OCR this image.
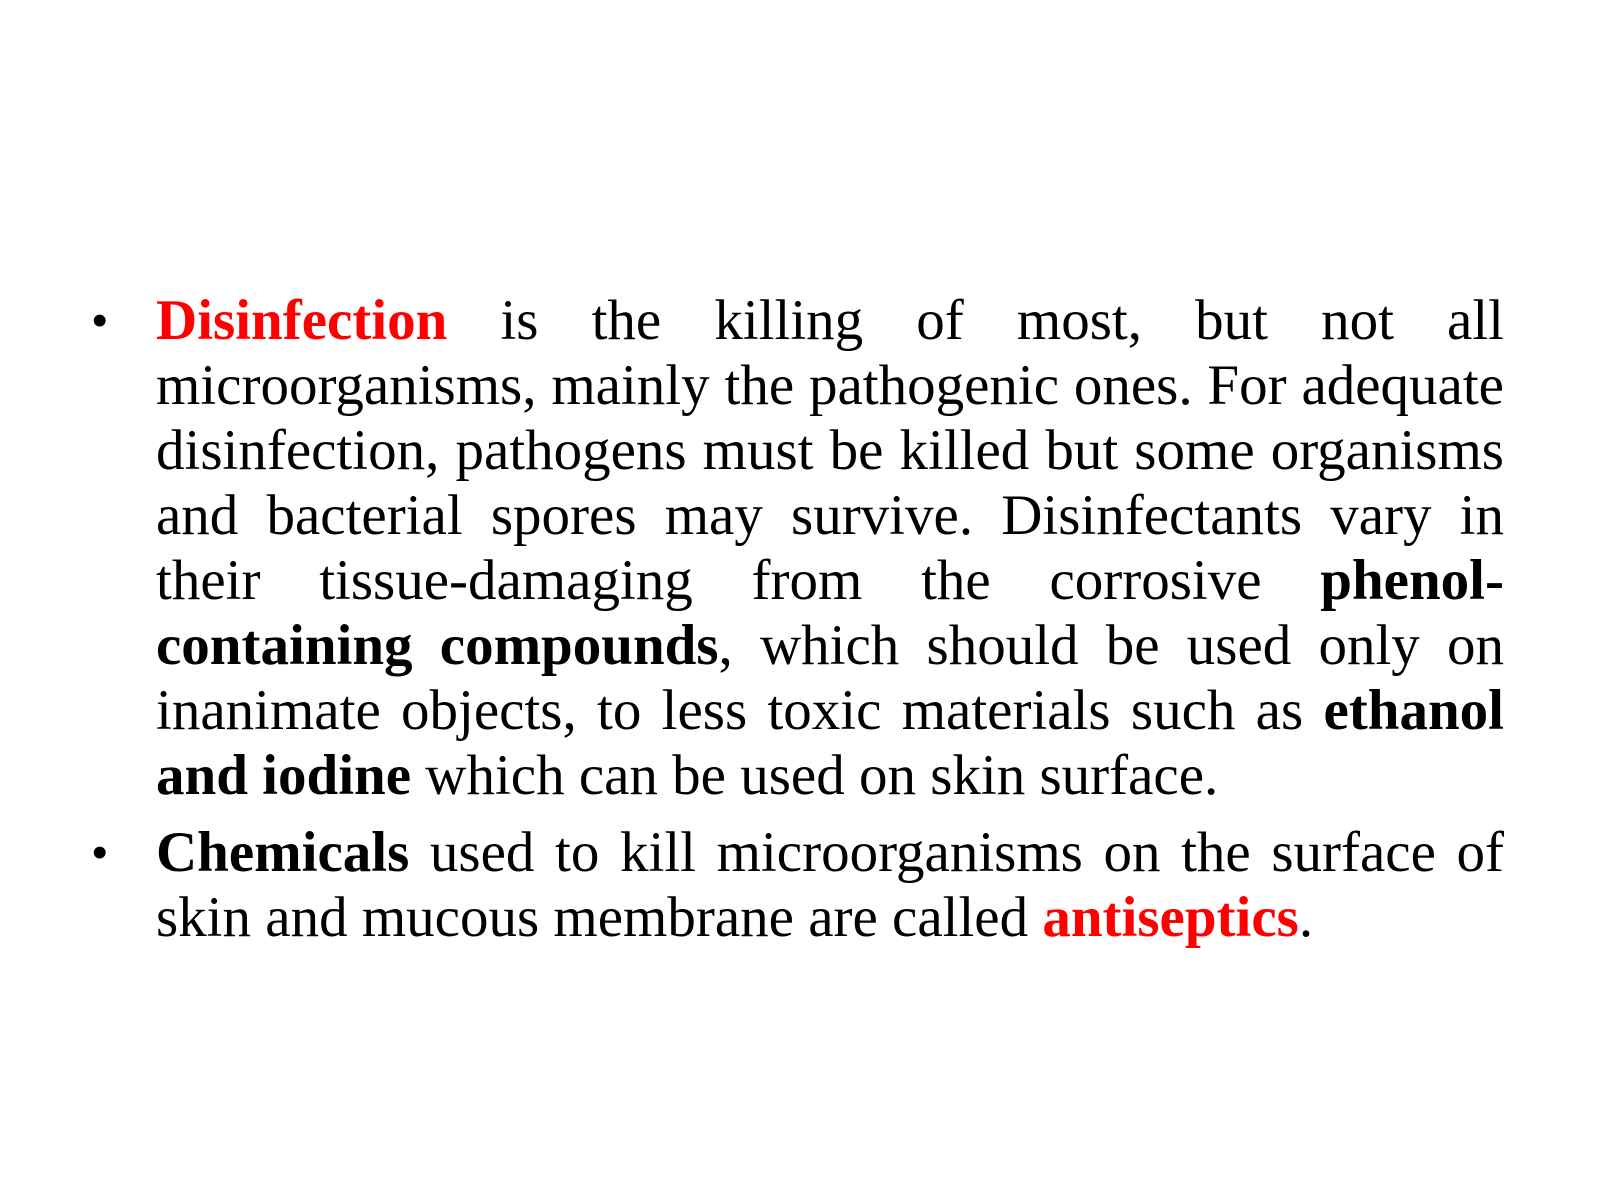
• Disinfection is the killing of most, but not all microorganisms, mainly the pathogenic ones. For adequate disinfection, pathogens must be killed but some organisms and bacterial spores may survive. Disinfectants vary in their tissue-damaging from the corrosive phenol-containing compounds, which should be used only on inanimate objects, to less toxic materials such as ethanol and iodine which can be used on skin surface.
• Chemicals used to kill microorganisms on the surface of skin and mucous membrane are called antiseptics.
